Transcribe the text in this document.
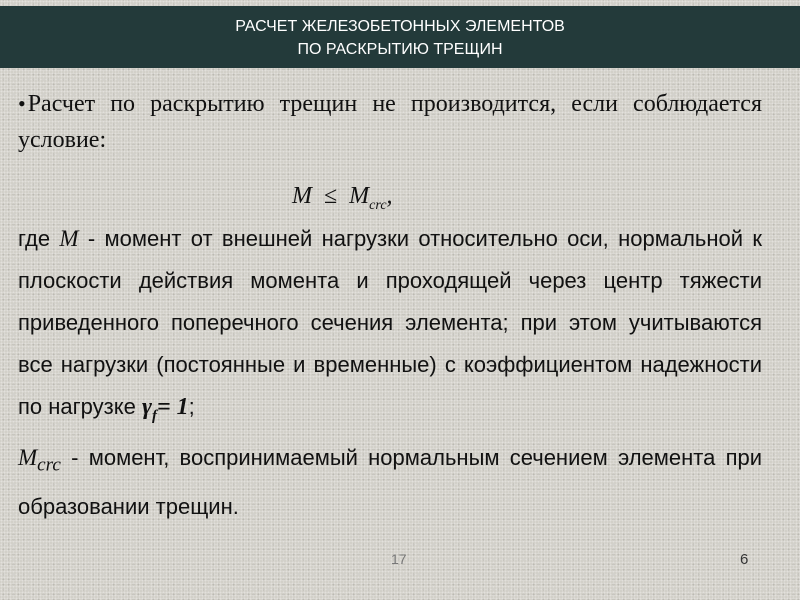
РАСЧЕТ ЖЕЛЕЗОБЕТОННЫХ ЭЛЕМЕНТОВ
ПО РАСКРЫТИЮ ТРЕЩИН

•Расчет по раскрытию трещин не производится, если соблюдается условие:

$M \le M_{crc}$,

где M - момент от внешней нагрузки относительно оси, нормальной к плоскости действия момента и проходящей через центр тяжести приведенного поперечного сечения элемента; при этом учитываются все нагрузки (постоянные и временные) с коэффициентом надежности по нагрузке $\gamma_f= 1$;

$M_{crc}$ - момент, воспринимаемый нормальным сечением элемента при образовании трещин.

17	6
